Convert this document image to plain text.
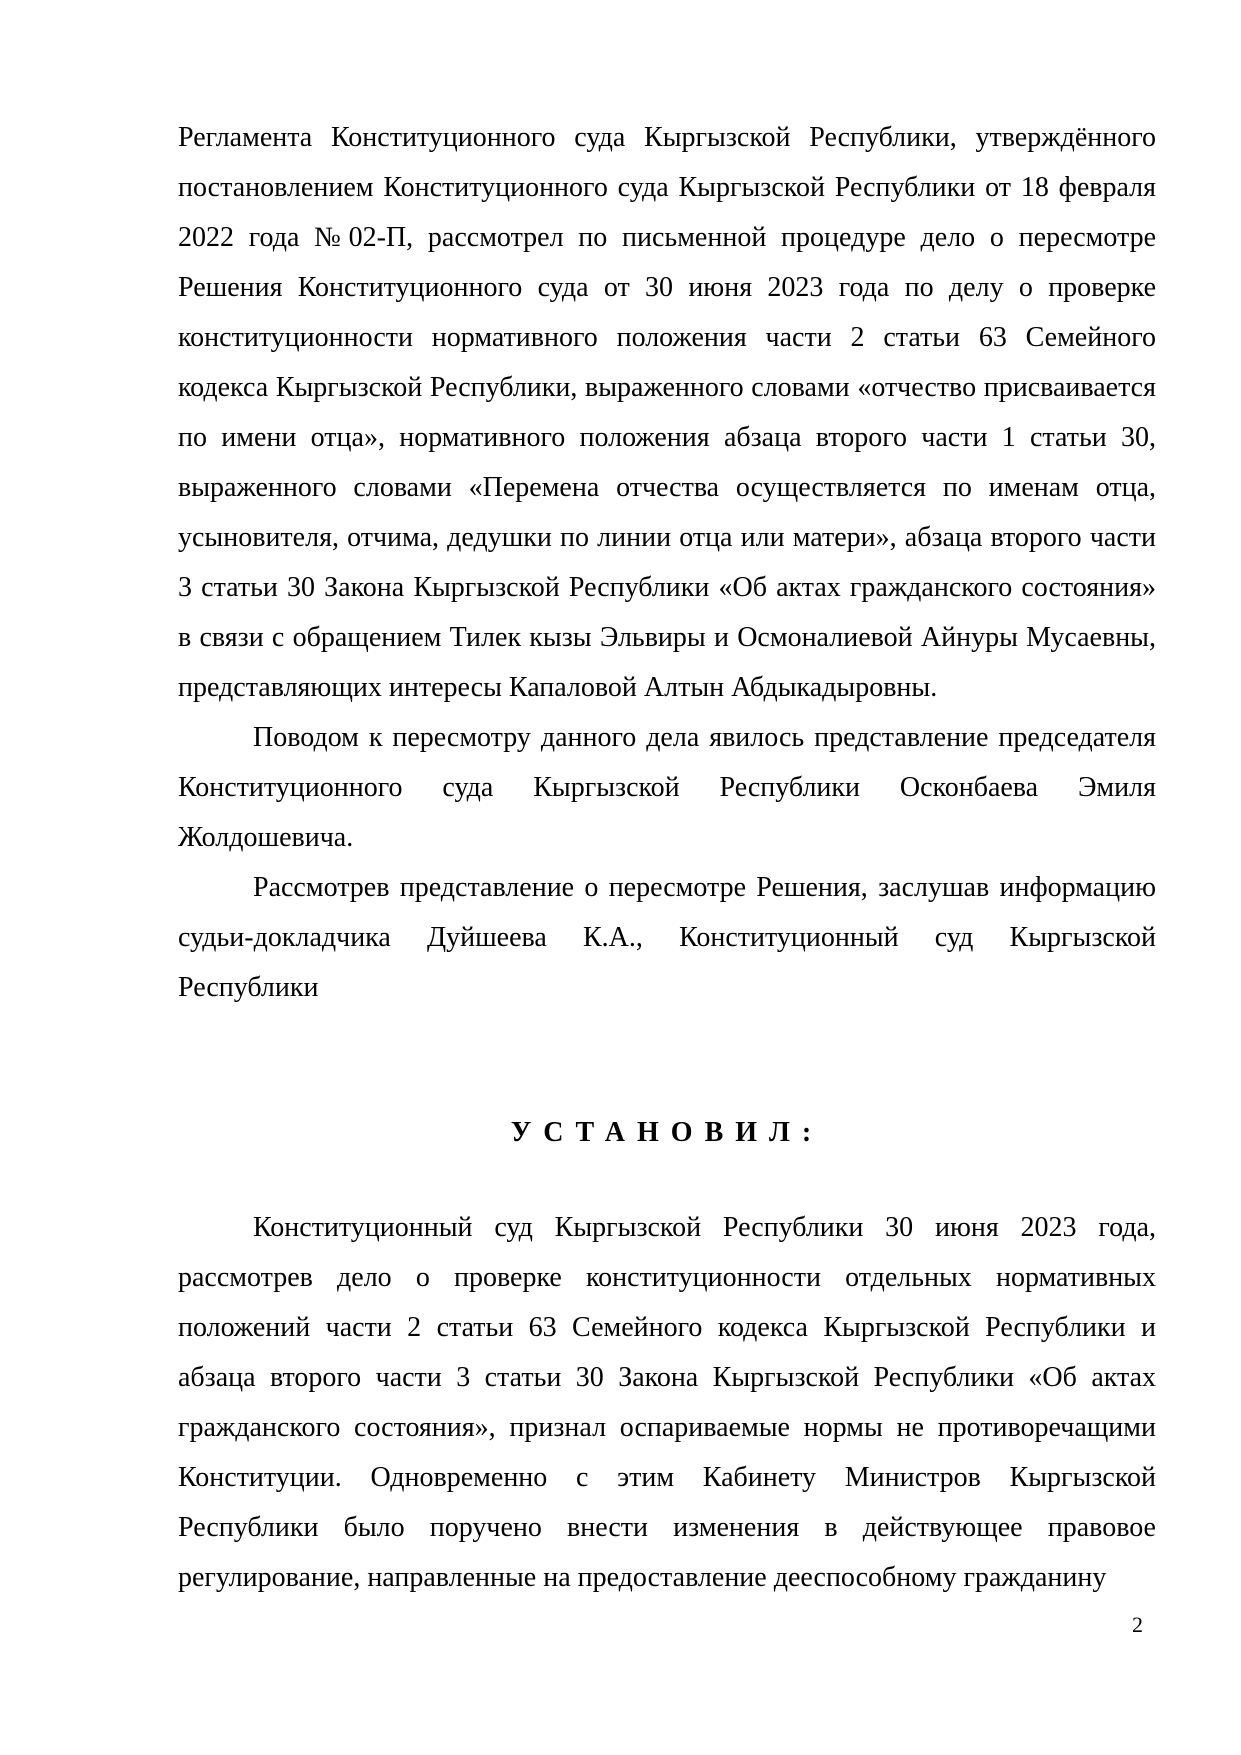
Регламента Конституционного суда Кыргызской Республики, утверждённого постановлением Конституционного суда Кыргызской Республики от 18 февраля 2022 года №02-П, рассмотрел по письменной процедуре дело о пересмотре Решения Конституционного суда от 30 июня 2023 года по делу о проверке конституционности нормативного положения части 2 статьи 63 Семейного кодекса Кыргызской Республики, выраженного словами «отчество присваивается по имени отца», нормативного положения абзаца второго части 1 статьи 30, выраженного словами «Перемена отчества осуществляется по именам отца, усыновителя, отчима, дедушки по линии отца или матери», абзаца второго части 3 статьи 30 Закона Кыргызской Республики «Об актах гражданского состояния» в связи с обращением Тилек кызы Эльвиры и Осмоналиевой Айнуры Мусаевны, представляющих интересы Капаловой Алтын Абдыкадыровны.

Поводом к пересмотру данного дела явилось представление председателя Конституционного суда Кыргызской Республики Осконбаева Эмиля Жолдошевича.

Рассмотрев представление о пересмотре Решения, заслушав информацию судьи-докладчика Дуйшеева К.А., Конституционный суд Кыргызской Республики

УСТАНОВИЛ:

Конституционный суд Кыргызской Республики 30 июня 2023 года, рассмотрев дело о проверке конституционности отдельных нормативных положений части 2 статьи 63 Семейного кодекса Кыргызской Республики и абзаца второго части 3 статьи 30 Закона Кыргызской Республики «Об актах гражданского состояния», признал оспариваемые нормы не противоречащими Конституции. Одновременно с этим Кабинету Министров Кыргызской Республики было поручено внести изменения в действующее правовое регулирование, направленные на предоставление дееспособному гражданину

2
